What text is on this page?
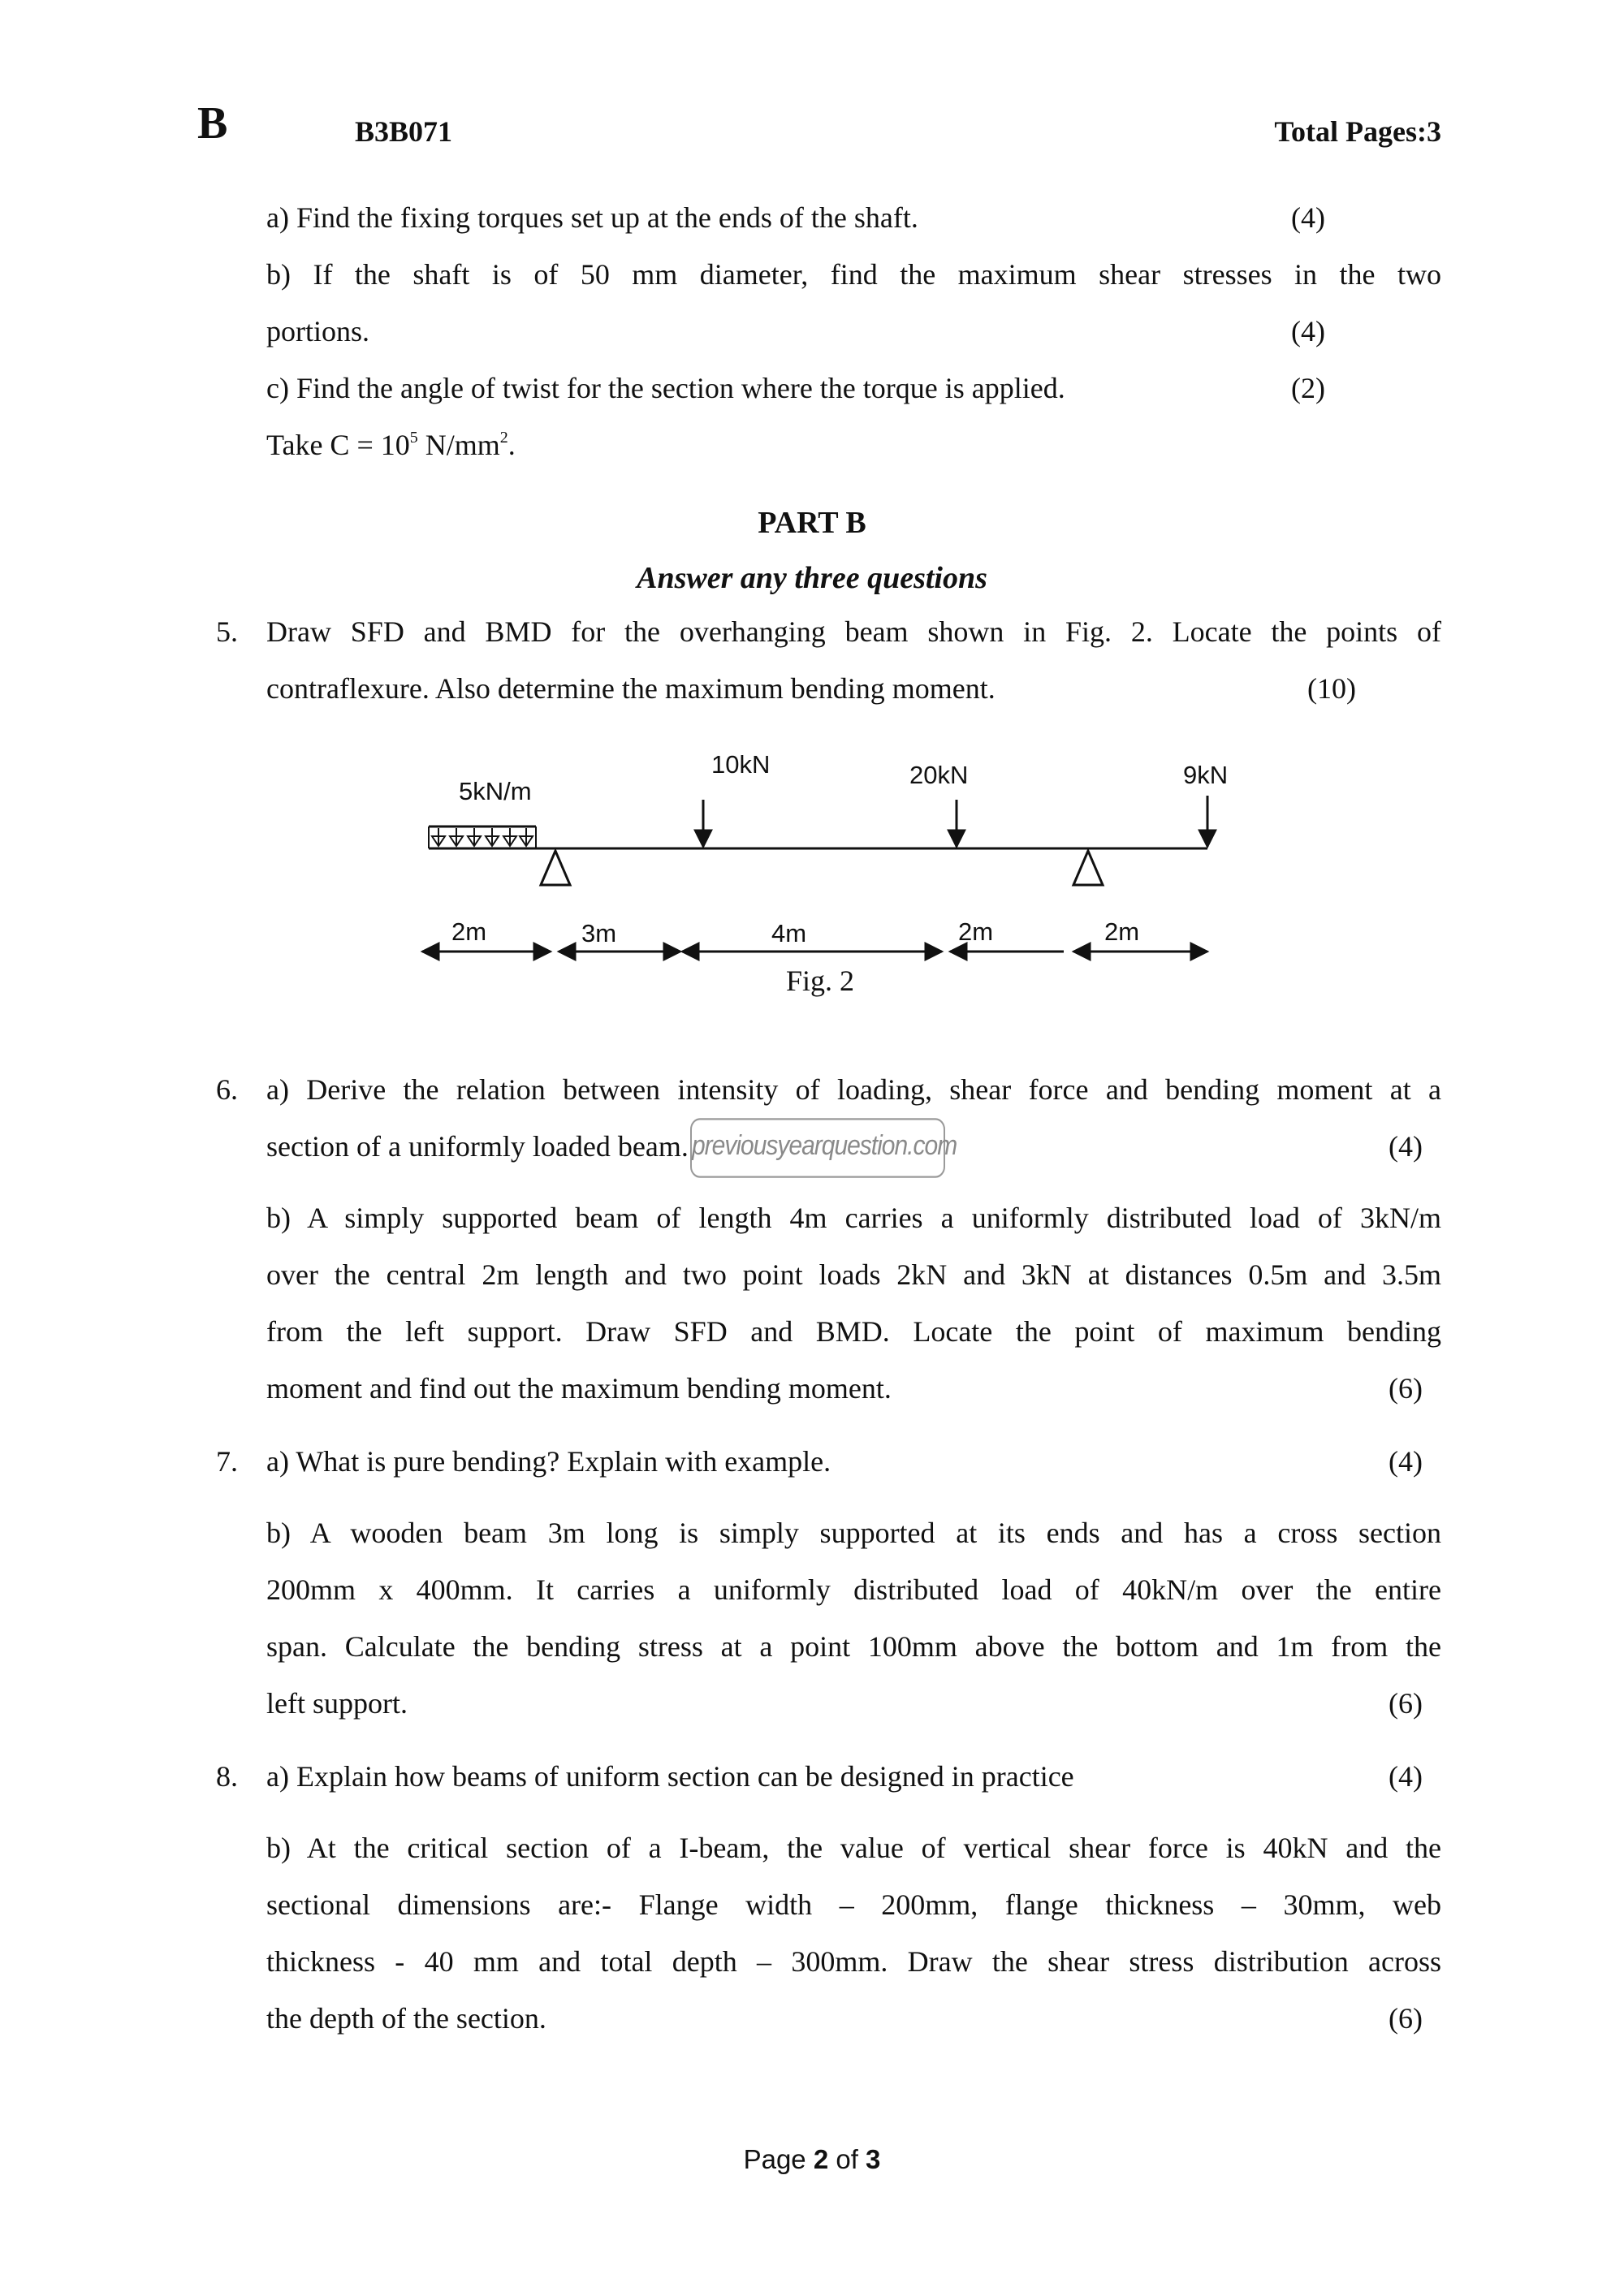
B	B3B071	Total Pages:3
a) Find the fixing torques set up at the ends of the shaft.	(4)
b) If the shaft is of 50 mm diameter, find the maximum shear stresses in the two
portions.	(4)
c) Find the angle of twist for the section where the torque is applied.	(2)
Take $C = 10^5$ $N/mm^2$.
PART B
Answer any three questions
5. Draw SFD and BMD for the overhanging beam shown in Fig. 2. Locate the points of
contraflexure. Also determine the maximum bending moment.	(10)
5kN/m
10kN	20kN	9kN
2m	3m	4m	2m	2m
Fig. 2
6. a) Derive the relation between intensity of loading, shear force and bending moment at a
section of a uniformly loaded beam.	(4)
previousyearquestion.com
b) A simply supported beam of length 4m carries a uniformly distributed load of 3kN/m
over the central 2m length and two point loads 2kN and 3kN at distances 0.5m and 3.5m
from the left support. Draw SFD and BMD. Locate the point of maximum bending
moment and find out the maximum bending moment.	(6)
7. a) What is pure bending? Explain with example.	(4)
b) A wooden beam 3m long is simply supported at its ends and has a cross section
200mm x 400mm. It carries a uniformly distributed load of 40kN/m over the entire
span. Calculate the bending stress at a point 100mm above the bottom and 1m from the
left support.	(6)
8. a) Explain how beams of uniform section can be designed in practice	(4)
b) At the critical section of a I-beam, the value of vertical shear force is 40kN and the
sectional dimensions are:- Flange width – 200mm, flange thickness – 30mm, web
thickness - 40 mm and total depth – 300mm. Draw the shear stress distribution across
the depth of the section.	(6)
Page 2 of 3
